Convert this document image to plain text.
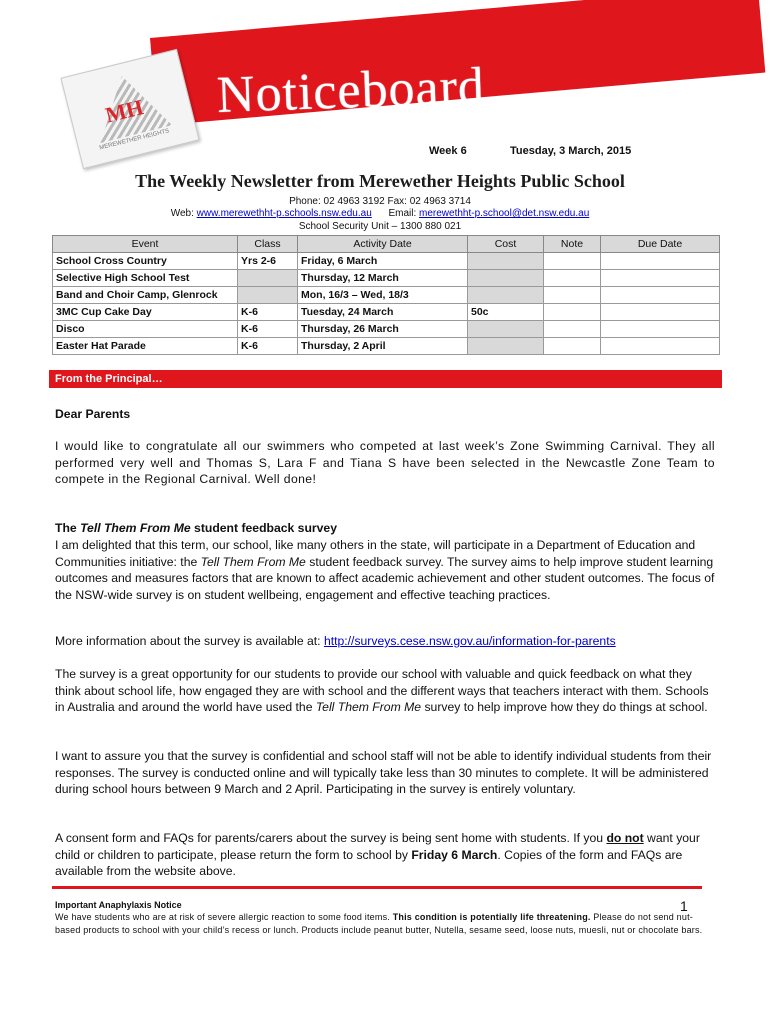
MH
MEREWETHER HEIGHTS
Noticeboard
Week 6	Tuesday, 3 March, 2015
The Weekly Newsletter from Merewether Heights Public School
Phone: 02 4963 3192 Fax: 02 4963 3714
Web: www.merewethht-p.schools.nsw.edu.au Email: merewethht-p.school@det.nsw.edu.au
School Security Unit – 1300 880 021
Event	Class	Activity Date	Cost	Note	Due Date
School Cross Country	Yrs 2-6	Friday, 6 March			
Selective High School Test		Thursday, 12 March			
Band and Choir Camp, Glenrock		Mon, 16/3 – Wed, 18/3			
3MC Cup Cake Day	K-6	Tuesday, 24 March	50c		
Disco	K-6	Thursday, 26 March			
Easter Hat Parade	K-6	Thursday, 2 April			
From the Principal…
Dear Parents
I would like to congratulate all our swimmers who competed at last week’s Zone Swimming Carnival. They all performed very well and Thomas S, Lara F and Tiana S have been selected in the Newcastle Zone Team to compete in the Regional Carnival. Well done!
The Tell Them From Me student feedback survey
I am delighted that this term, our school, like many others in the state, will participate in a Department of Education and Communities initiative: the Tell Them From Me student feedback survey. The survey aims to help improve student learning outcomes and measures factors that are known to affect academic achievement and other student outcomes. The focus of the NSW-wide survey is on student wellbeing, engagement and effective teaching practices.
More information about the survey is available at: http://surveys.cese.nsw.gov.au/information-for-parents
The survey is a great opportunity for our students to provide our school with valuable and quick feedback on what they think about school life, how engaged they are with school and the different ways that teachers interact with them. Schools in Australia and around the world have used the Tell Them From Me survey to help improve how they do things at school.
I want to assure you that the survey is confidential and school staff will not be able to identify individual students from their responses. The survey is conducted online and will typically take less than 30 minutes to complete. It will be administered during school hours between 9 March and 2 April. Participating in the survey is entirely voluntary.
A consent form and FAQs for parents/carers about the survey is being sent home with students. If you do not want your child or children to participate, please return the form to school by Friday 6 March. Copies of the form and FAQs are available from the website above.
1
Important Anaphylaxis Notice
We have students who are at risk of severe allergic reaction to some food items. This condition is potentially life threatening. Please do not send nut-based products to school with your child’s recess or lunch. Products include peanut butter, Nutella, sesame seed, loose nuts, muesli, nut or chocolate bars.
